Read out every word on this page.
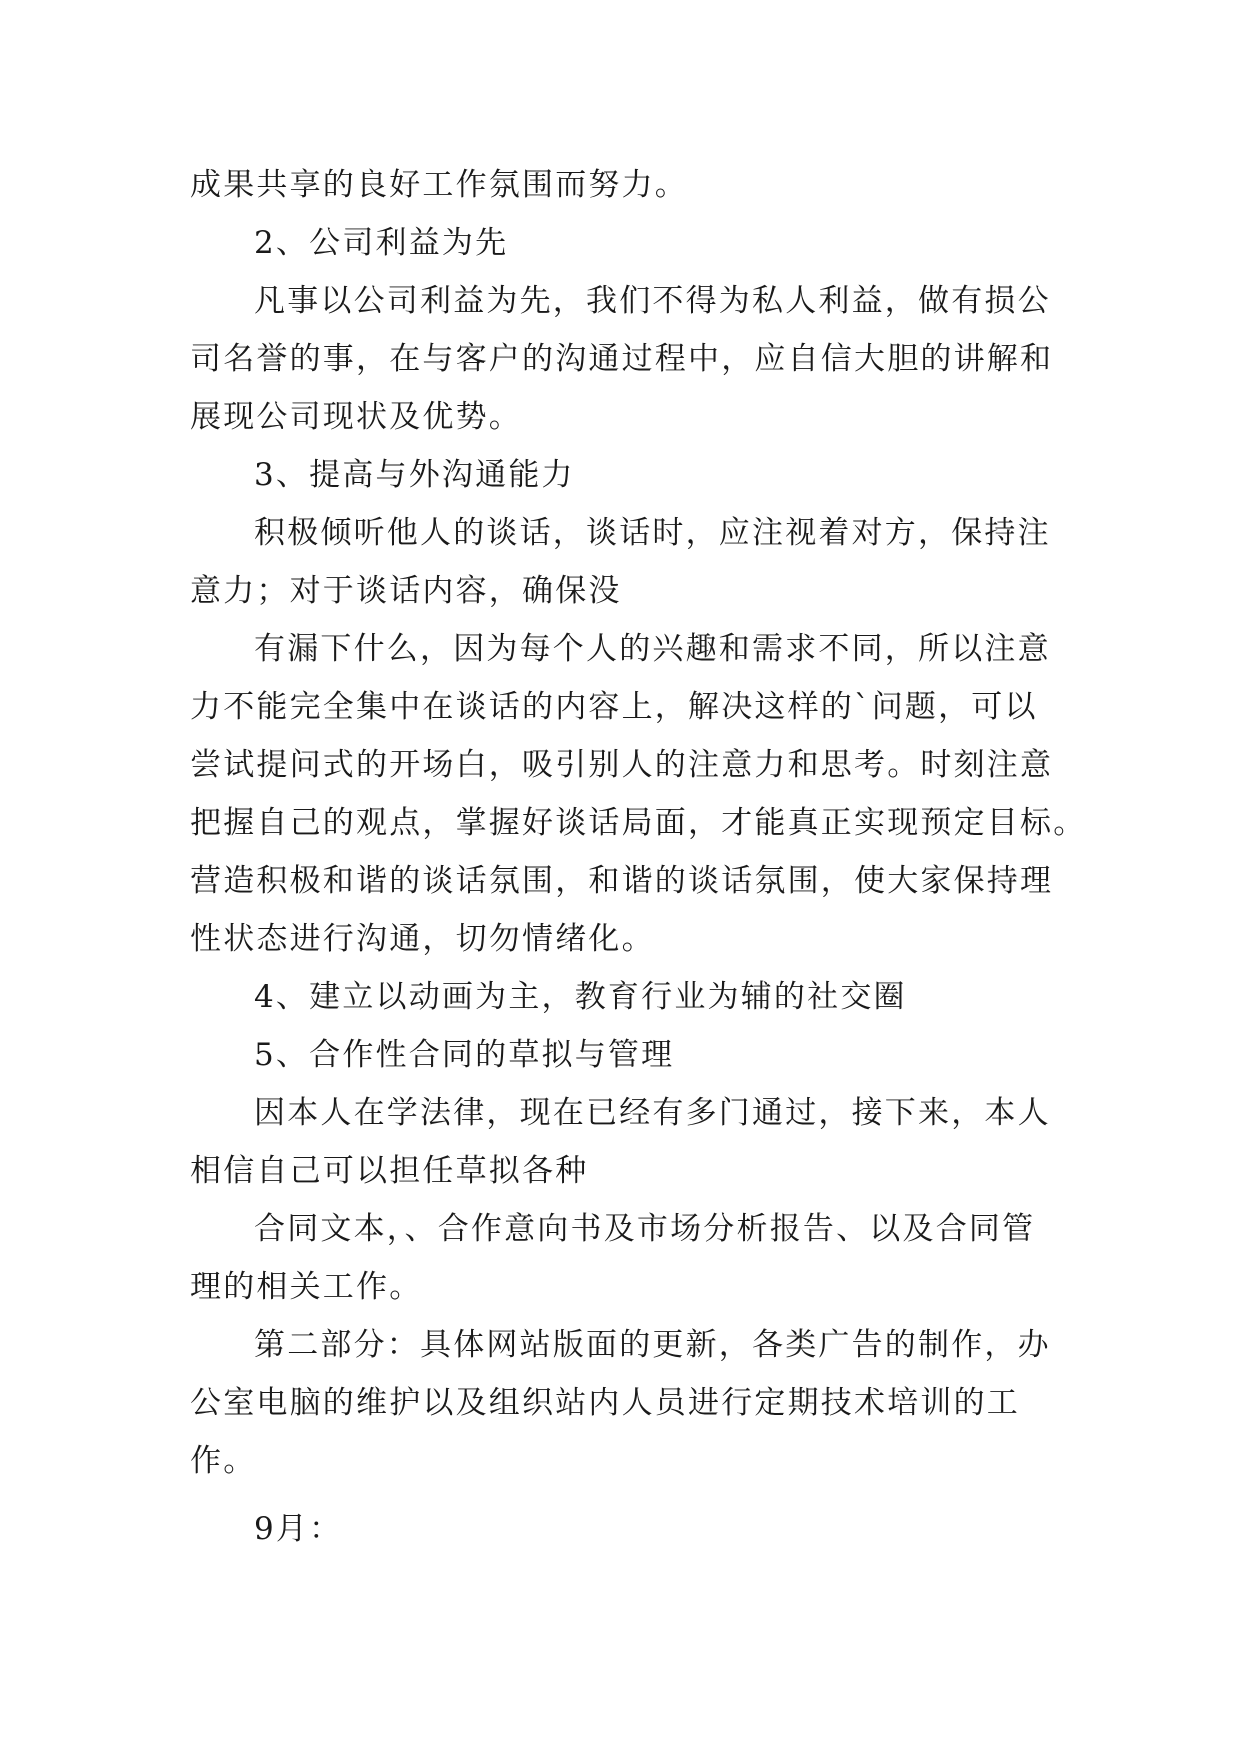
成果共享的良好工作氛围而努力。
2、公司利益为先
凡事以公司利益为先，我们不得为私人利益，做有损公
司名誉的事，在与客户的沟通过程中，应自信大胆的讲解和
展现公司现状及优势。
3、提高与外沟通能力
积极倾听他人的谈话，谈话时，应注视着对方，保持注
意力；对于谈话内容，确保没
有漏下什么，因为每个人的兴趣和需求不同，所以注意
力不能完全集中在谈话的内容上，解决这样的`问题，可以
尝试提问式的开场白，吸引别人的注意力和思考。时刻注意
把握自己的观点，掌握好谈话局面，才能真正实现预定目标。
营造积极和谐的谈话氛围，和谐的谈话氛围，使大家保持理
性状态进行沟通，切勿情绪化。
4、建立以动画为主，教育行业为辅的社交圈
5、合作性合同的草拟与管理
因本人在学法律，现在已经有多门通过，接下来，本人
相信自己可以担任草拟各种
合同文本，、合作意向书及市场分析报告、以及合同管
理的相关工作。
第二部分：具体网站版面的更新，各类广告的制作，办
公室电脑的维护以及组织站内人员进行定期技术培训的工
作。
9月：
